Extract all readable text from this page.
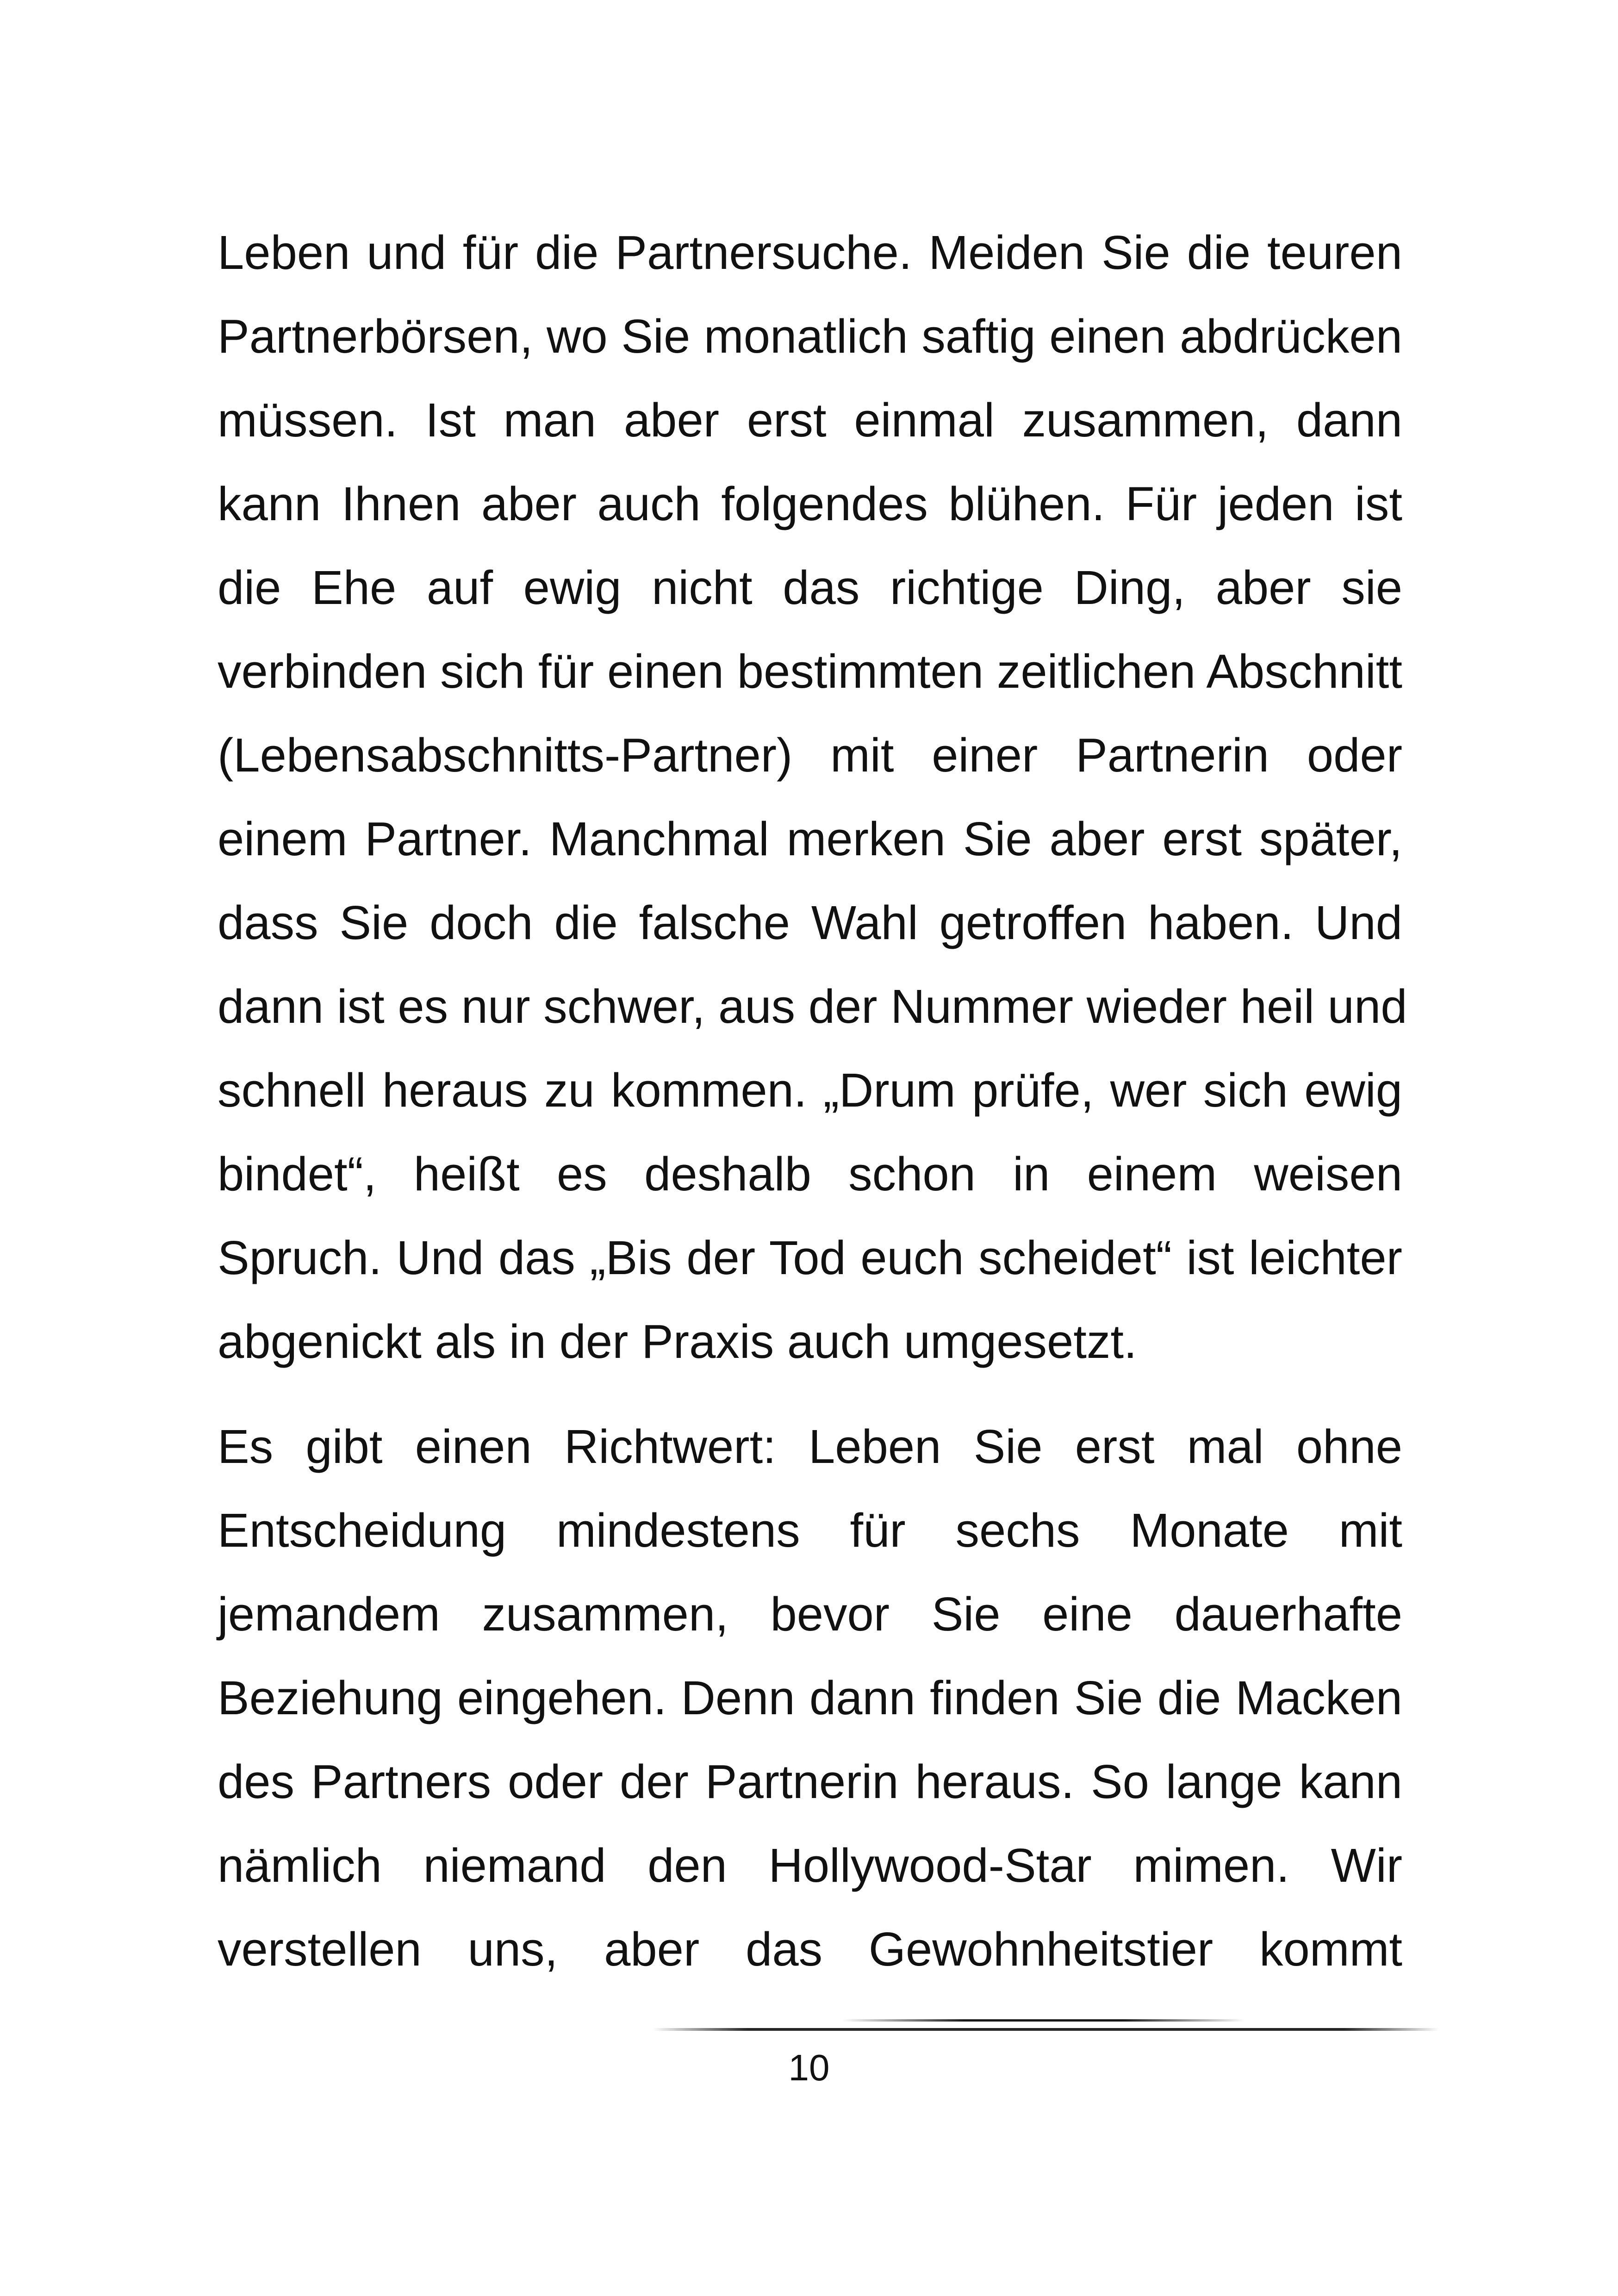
Leben und für die Partnersuche. Meiden Sie die teuren
Partnerbörsen, wo Sie monatlich saftig einen abdrücken
müssen. Ist man aber erst einmal zusammen, dann
kann Ihnen aber auch folgendes blühen. Für jeden ist
die Ehe auf ewig nicht das richtige Ding, aber sie
verbinden sich für einen bestimmten zeitlichen Abschnitt
(Lebensabschnitts-Partner) mit einer Partnerin oder
einem Partner. Manchmal merken Sie aber erst später,
dass Sie doch die falsche Wahl getroffen haben. Und
dann ist es nur schwer, aus der Nummer wieder heil und
schnell heraus zu kommen. „Drum prüfe, wer sich ewig
bindet“, heißt es deshalb schon in einem weisen
Spruch. Und das „Bis der Tod euch scheidet“ ist leichter
abgenickt als in der Praxis auch umgesetzt.
Es gibt einen Richtwert: Leben Sie erst mal ohne
Entscheidung mindestens für sechs Monate mit
jemandem zusammen, bevor Sie eine dauerhafte
Beziehung eingehen. Denn dann finden Sie die Macken
des Partners oder der Partnerin heraus. So lange kann
nämlich niemand den Hollywood-Star mimen. Wir
verstellen uns, aber das Gewohnheitstier kommt
10
